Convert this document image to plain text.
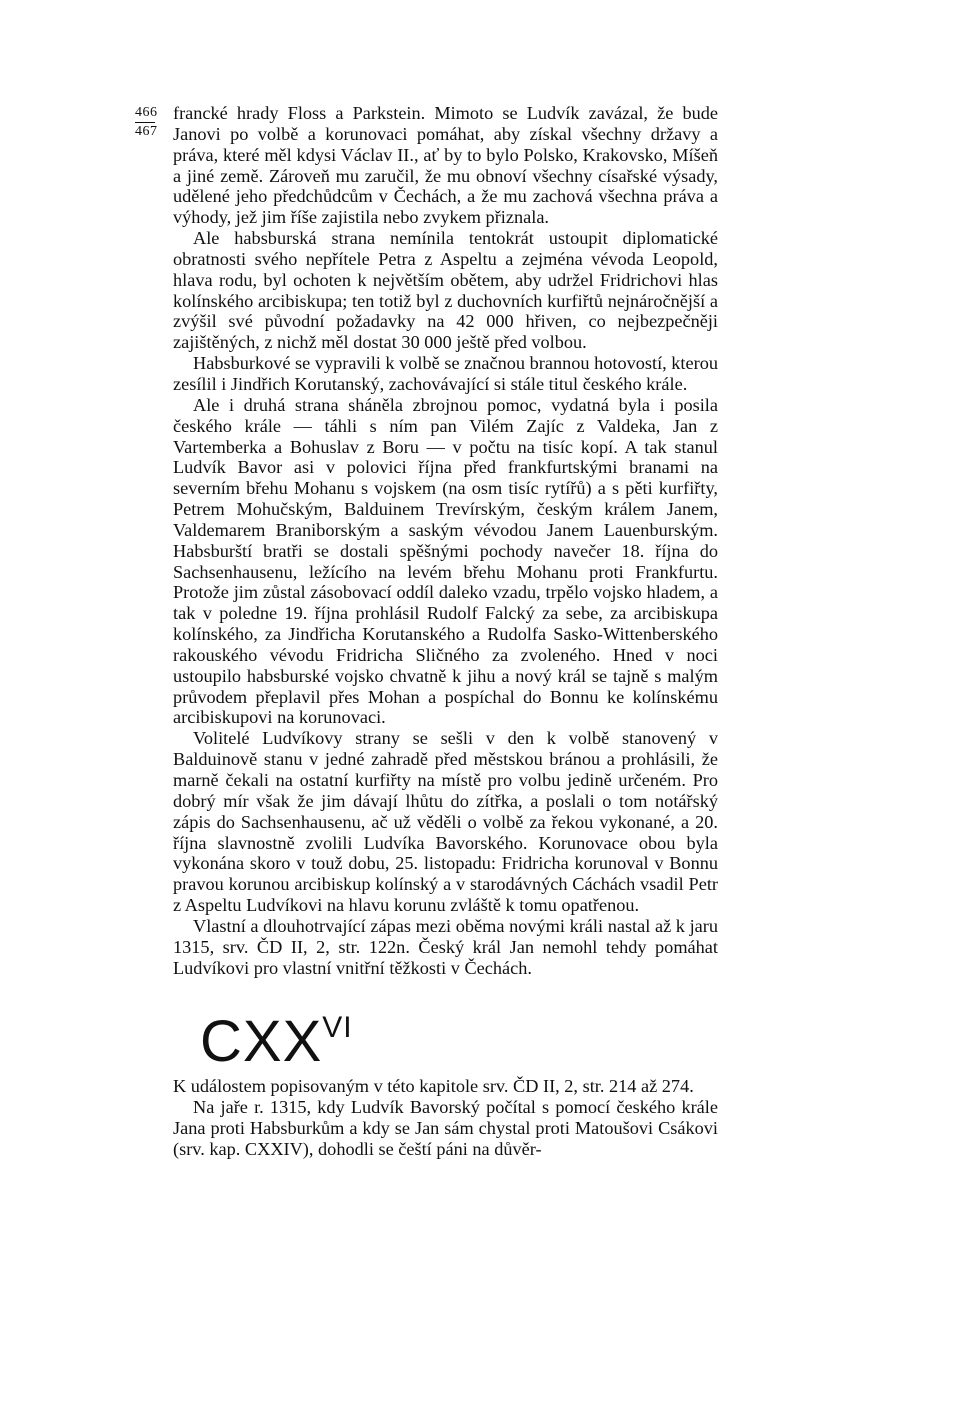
466
467

francké hrady Floss a Parkstein. Mimoto se Ludvík zavázal, že bude Janovi po volbě a korunovaci pomáhat, aby získal všechny državy a práva, které měl kdysi Václav II., ať by to bylo Polsko, Krakovsko, Míšeň a jiné země. Zároveň mu zaručil, že mu obnoví všechny císařské výsady, udělené jeho předchůdcům v Čechách, a že mu zachová všechna práva a výhody, jež jim říše zajistila nebo zvykem přiznala.

Ale habsburská strana nemínila tentokrát ustoupit diplomatické obratnosti svého nepřítele Petra z Aspeltu a zejména vévoda Leopold, hlava rodu, byl ochoten k největším obětem, aby udržel Fridrichovi hlas kolínského arcibiskupa; ten totiž byl z duchovních kurfiřtů nejnáročnější a zvýšil své původní požadavky na 42 000 hřiven, co nejbezpečněji zajištěných, z nichž měl dostat 30 000 ještě před volbou.

Habsburkové se vypravili k volbě se značnou brannou hotovostí, kterou zesílil i Jindřich Korutanský, zachovávající si stále titul českého krále.

Ale i druhá strana sháněla zbrojnou pomoc, vydatná byla i posila českého krále — táhli s ním pan Vilém Zajíc z Valdeka, Jan z Vartemberka a Bohuslav z Boru — v počtu na tisíc kopí. A tak stanul Ludvík Bavor asi v polovici října před frankfurtskými branami na severním břehu Mohanu s vojskem (na osm tisíc rytířů) a s pěti kurfiřty, Petrem Mohučským, Balduinem Trevírským, českým králem Janem, Valdemarem Braniborským a saským vévodou Janem Lauenburským. Habsburští bratři se dostali spěšnými pochody navečer 18. října do Sachsenhausenu, ležícího na levém břehu Mohanu proti Frankfurtu. Protože jim zůstal zásobovací oddíl daleko vzadu, trpělo vojsko hladem, a tak v poledne 19. října prohlásil Rudolf Falcký za sebe, za arcibiskupa kolínského, za Jindřicha Korutanského a Rudolfa Sasko-Wittenberského rakouského vévodu Fridricha Sličného za zvoleného. Hned v noci ustoupilo habsburské vojsko chvatně k jihu a nový král se tajně s malým průvodem přeplavil přes Mohan a pospíchal do Bonnu ke kolínskému arcibiskupovi na korunovaci.

Volitelé Ludvíkovy strany se sešli v den k volbě stanovený v Balduinově stanu v jedné zahradě před městskou bránou a prohlásili, že marně čekali na ostatní kurfiřty na místě pro volbu jedině určeném. Pro dobrý mír však že jim dávají lhůtu do zítřka, a poslali o tom notářský zápis do Sachsenhausenu, ač už věděli o volbě za řekou vykonané, a 20. října slavnostně zvolili Ludvíka Bavorského. Korunovace obou byla vykonána skoro v touž dobu, 25. listopadu: Fridricha korunoval v Bonnu pravou korunou arcibiskup kolínský a v starodávných Cáchách vsadil Petr z Aspeltu Ludvíkovi na hlavu korunu zvláště k tomu opatřenou.

Vlastní a dlouhotrvající zápas mezi oběma novými králi nastal až k jaru 1315, srv. ČD II, 2, str. 122n. Český král Jan nemohl tehdy pomáhat Ludvíkovi pro vlastní vnitřní těžkosti v Čechách.

$CXX^{VI}$

K událostem popisovaným v této kapitole srv. ČD II, 2, str. 214 až 274.

Na jaře r. 1315, kdy Ludvík Bavorský počítal s pomocí českého krále Jana proti Habsburkům a kdy se Jan sám chystal proti Matoušovi Csákovi (srv. kap. CXXIV), dohodli se čeští páni na důvěr-
